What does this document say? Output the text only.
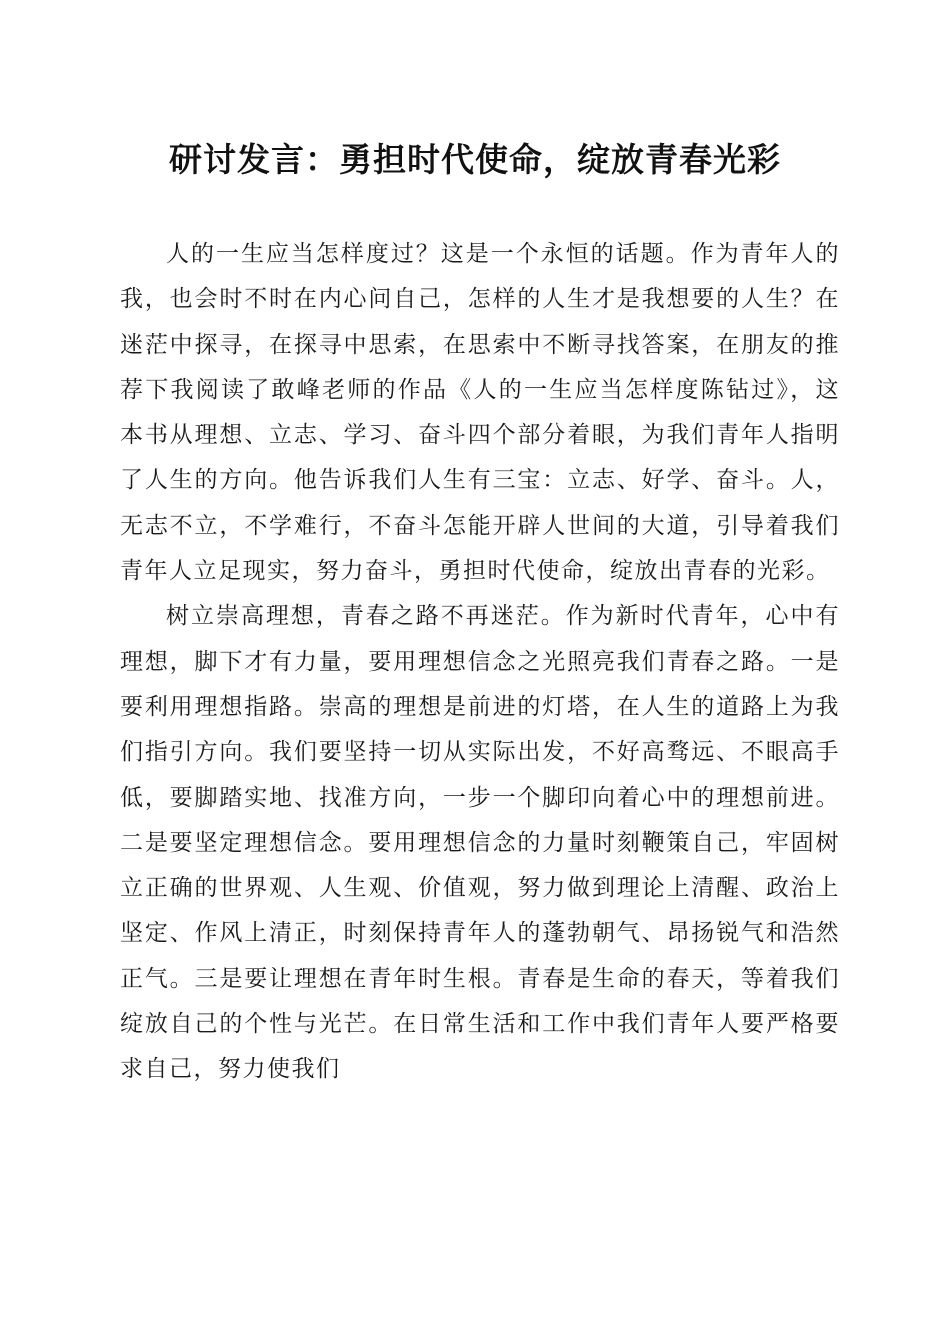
研讨发言：勇担时代使命，绽放青春光彩

人的一生应当怎样度过？这是一个永恒的话题。作为青年人的我，也会时不时在内心问自己，怎样的人生才是我想要的人生？在迷茫中探寻，在探寻中思索，在思索中不断寻找答案，在朋友的推荐下我阅读了敢峰老师的作品《人的一生应当怎样度陈钻过》，这本书从理想、立志、学习、奋斗四个部分着眼，为我们青年人指明了人生的方向。他告诉我们人生有三宝：立志、好学、奋斗。人，无志不立，不学难行，不奋斗怎能开辟人世间的大道，引导着我们青年人立足现实，努力奋斗，勇担时代使命，绽放出青春的光彩。

树立崇高理想，青春之路不再迷茫。作为新时代青年，心中有理想，脚下才有力量，要用理想信念之光照亮我们青春之路。一是要利用理想指路。崇高的理想是前进的灯塔，在人生的道路上为我们指引方向。我们要坚持一切从实际出发，不好高骛远、不眼高手低，要脚踏实地、找准方向，一步一个脚印向着心中的理想前进。二是要坚定理想信念。要用理想信念的力量时刻鞭策自己，牢固树立正确的世界观、人生观、价值观，努力做到理论上清醒、政治上坚定、作风上清正，时刻保持青年人的蓬勃朝气、昂扬锐气和浩然正气。三是要让理想在青年时生根。青春是生命的春天，等着我们绽放自己的个性与光芒。在日常生活和工作中我们青年人要严格要求自己，努力使我们
